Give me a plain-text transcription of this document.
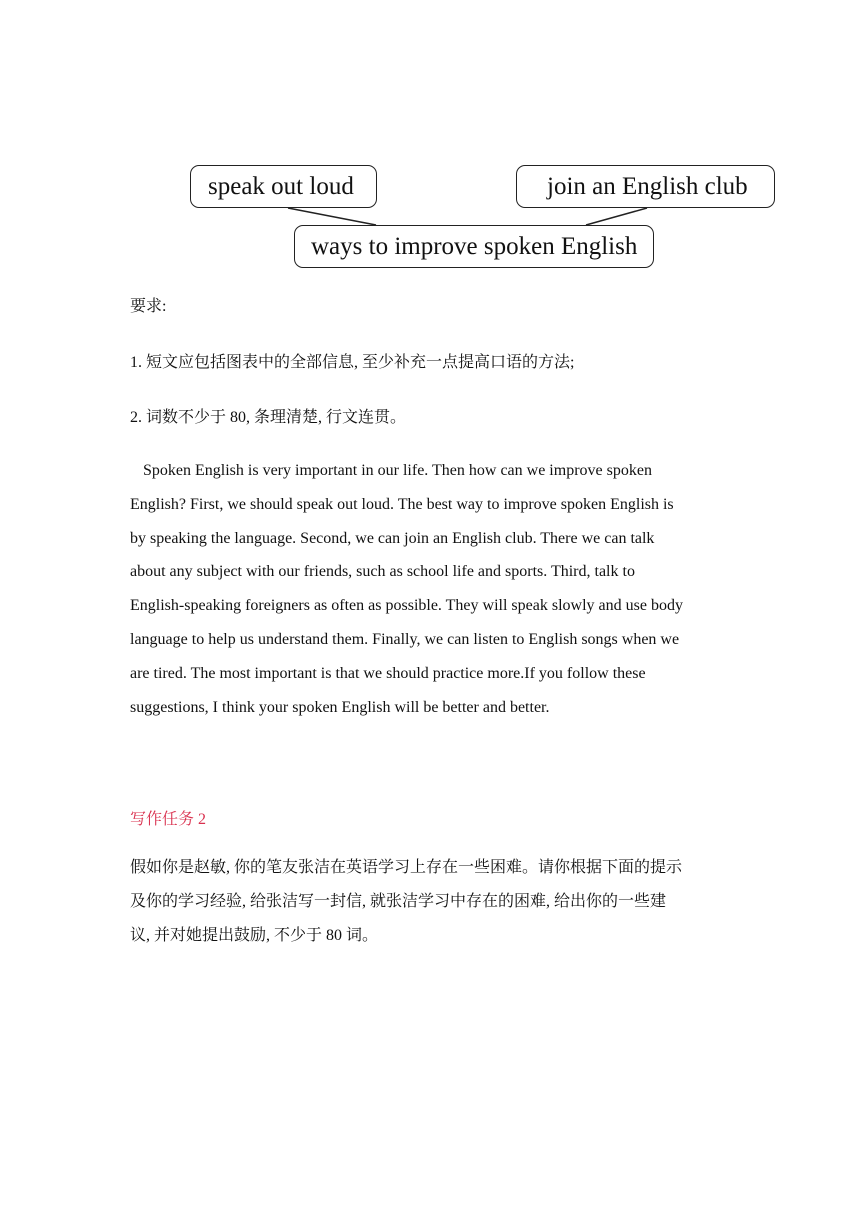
speak out loud	join an English club
ways to improve spoken English
要求:
1. 短文应包括图表中的全部信息, 至少补充一点提高口语的方法;
2. 词数不少于 80, 条理清楚, 行文连贯。
Spoken English is very important in our life. Then how can we improve spoken
English? First, we should speak out loud. The best way to improve spoken English is
by speaking the language. Second, we can join an English club. There we can talk
about any subject with our friends, such as school life and sports. Third, talk to
English-speaking foreigners as often as possible. They will speak slowly and use body
language to help us understand them. Finally, we can listen to English songs when we
are tired. The most important is that we should practice more.If you follow these
suggestions, I think your spoken English will be better and better.
写作任务 2
假如你是赵敏, 你的笔友张洁在英语学习上存在一些困难。请你根据下面的提示
及你的学习经验, 给张洁写一封信, 就张洁学习中存在的困难, 给出你的一些建
议, 并对她提出鼓励, 不少于 80 词。
